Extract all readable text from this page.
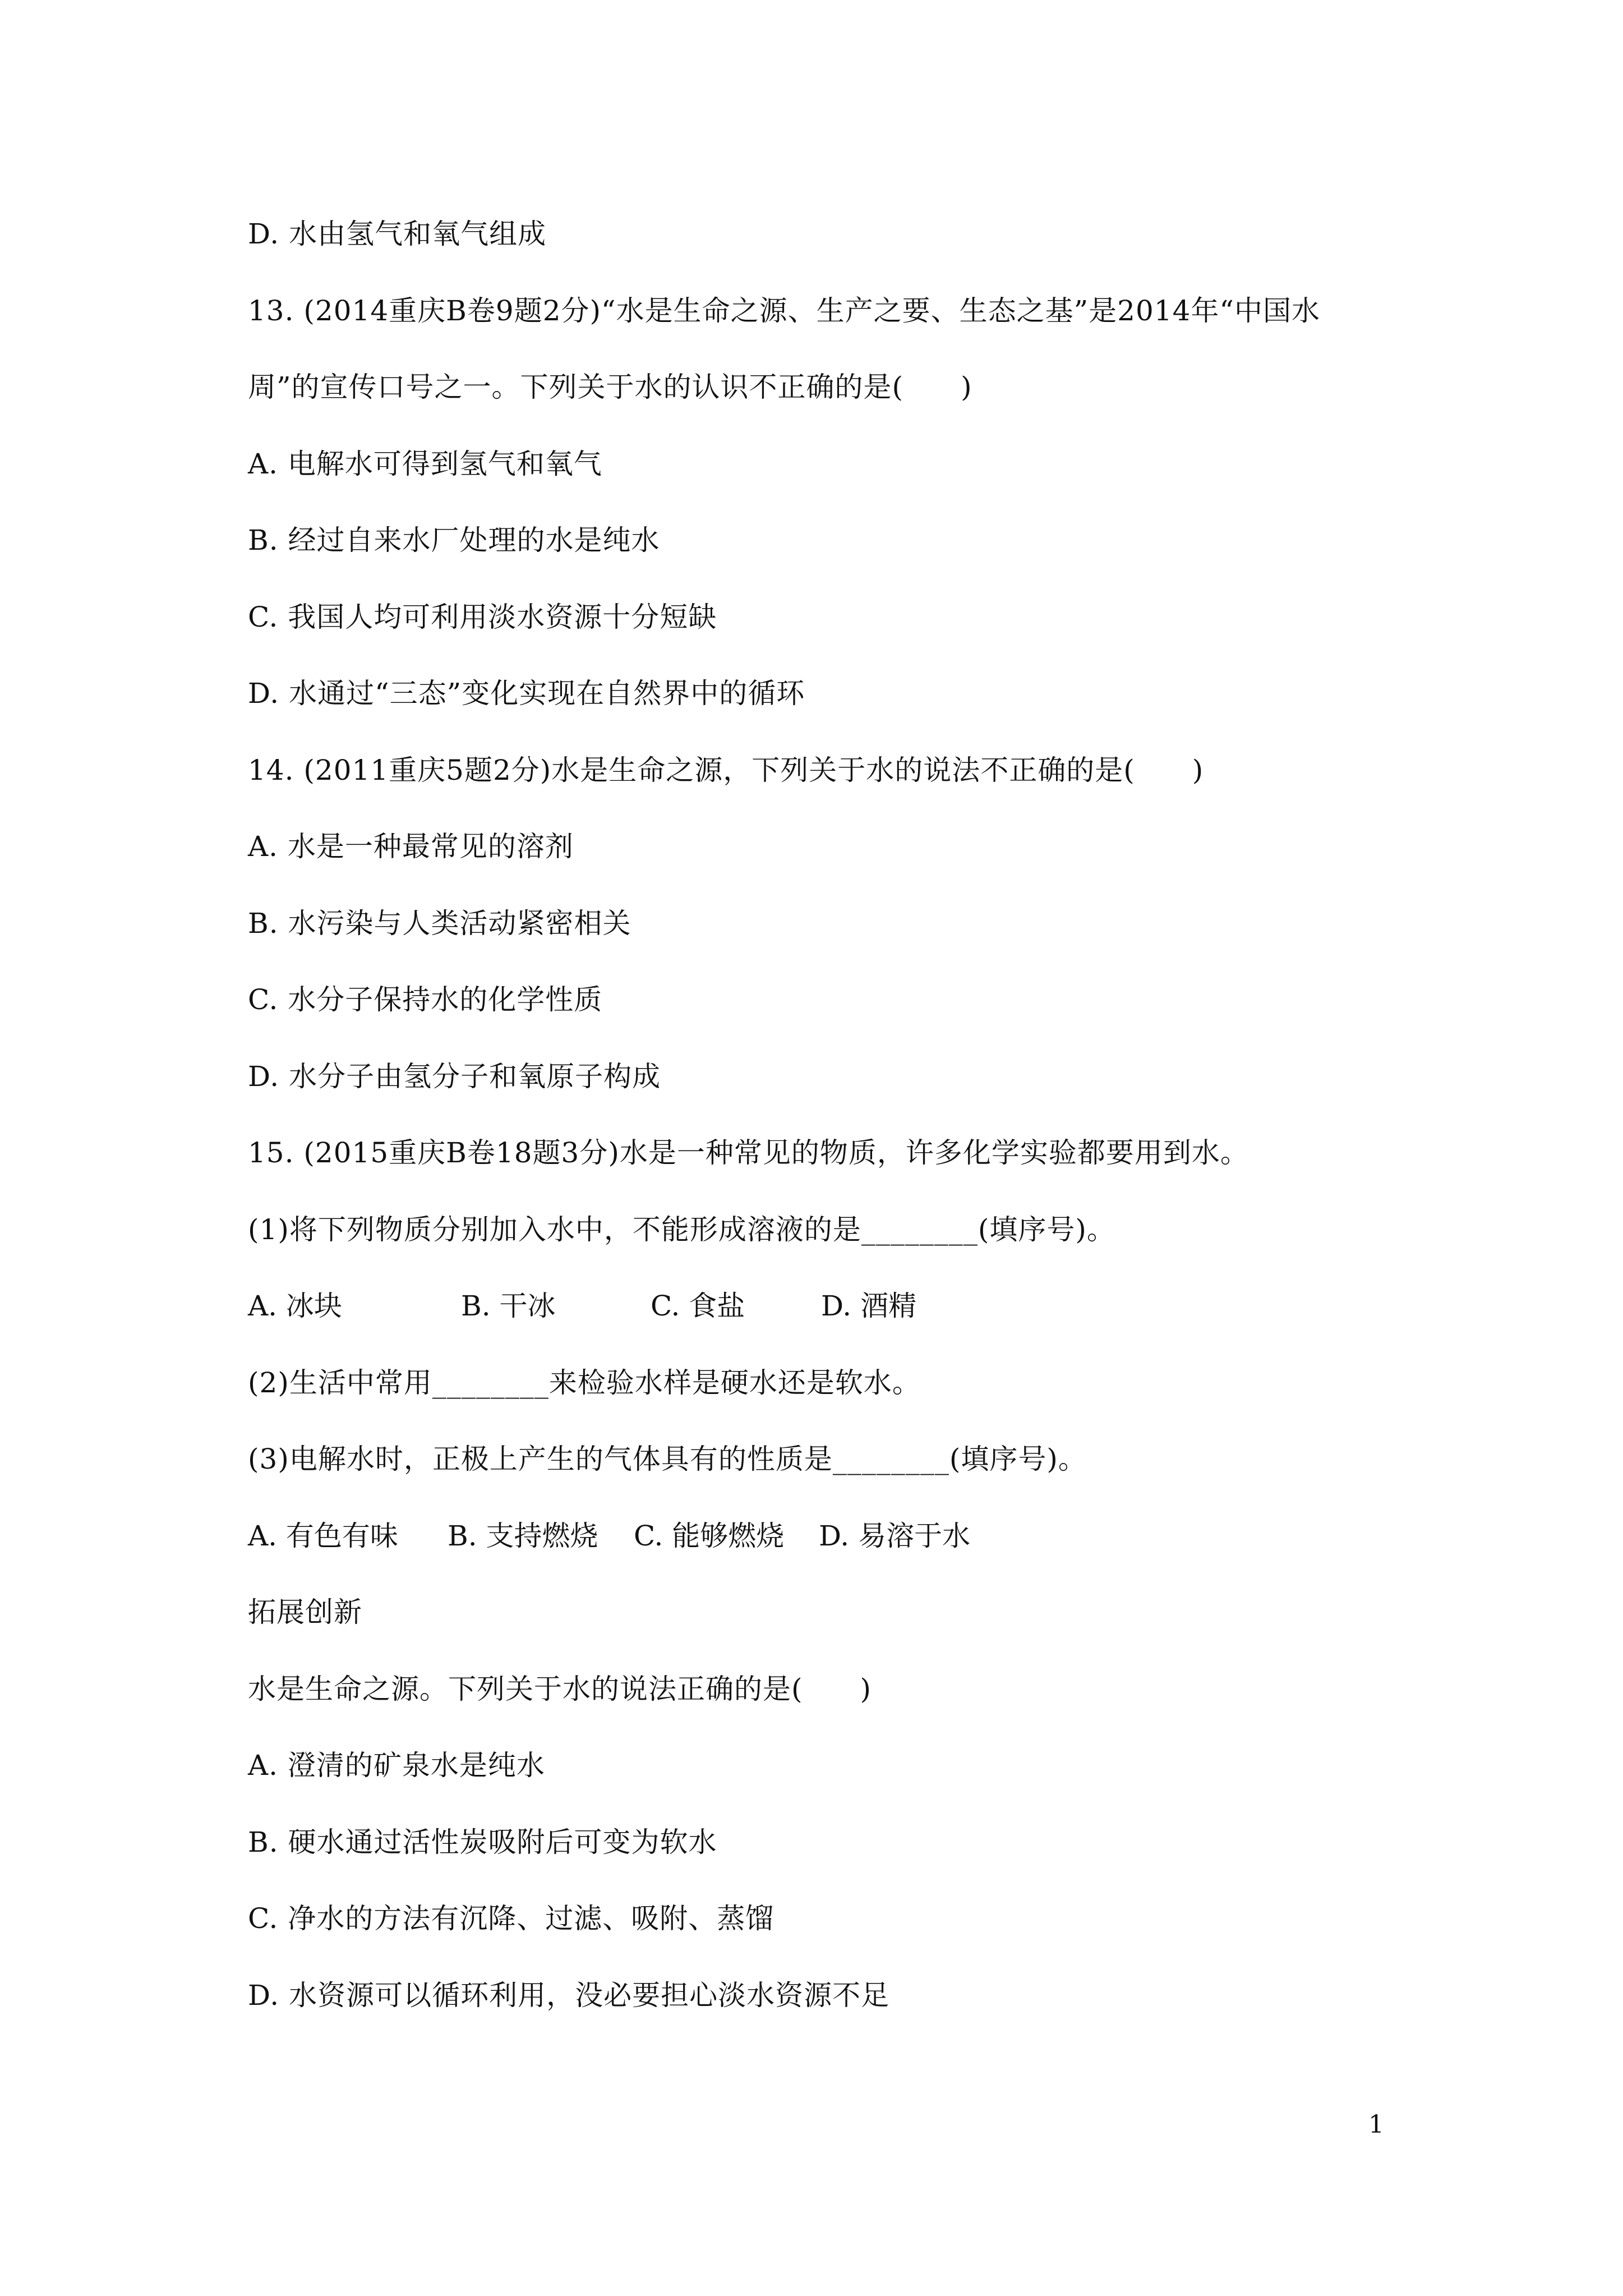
D. 水由氢气和氧气组成
13. (2014重庆B卷9题2分)“水是生命之源、生产之要、生态之基”是2014年“中国水
周”的宣传口号之一。下列关于水的认识不正确的是(　　)
A. 电解水可得到氢气和氧气
B. 经过自来水厂处理的水是纯水
C. 我国人均可利用淡水资源十分短缺
D. 水通过“三态”变化实现在自然界中的循环
14. (2011重庆5题2分)水是生命之源，下列关于水的说法不正确的是(　　)
A. 水是一种最常见的溶剂
B. 水污染与人类活动紧密相关
C. 水分子保持水的化学性质
D. 水分子由氢分子和氧原子构成
15. (2015重庆B卷18题3分)水是一种常见的物质，许多化学实验都要用到水。
(1)将下列物质分别加入水中，不能形成溶液的是________(填序号)。

A. 冰块

	B. 干冰

	C. 食盐

	D. 酒精

(2)生活中常用________来检验水样是硬水还是软水。
(3)电解水时，正极上产生的气体具有的性质是________(填序号)。

A. 有色有味

B. 支持燃烧

C. 能够燃烧

D. 易溶于水

拓展创新
水是生命之源。下列关于水的说法正确的是(　　)
A. 澄清的矿泉水是纯水
B. 硬水通过活性炭吸附后可变为软水
C. 净水的方法有沉降、过滤、吸附、蒸馏
D. 水资源可以循环利用，没必要担心淡水资源不足
1
